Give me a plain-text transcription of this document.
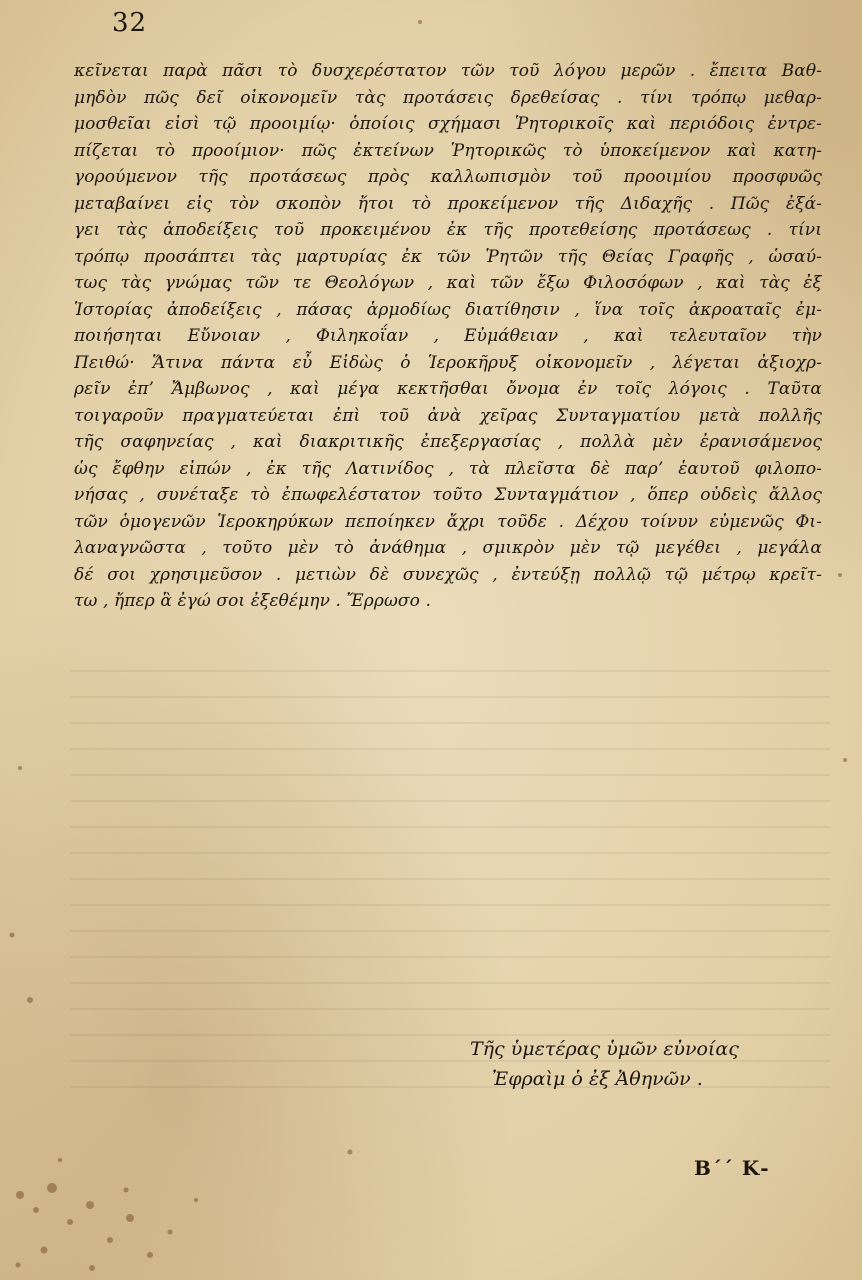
32
κεῖνεται παρὰ πᾶσι τὸ δυσχερέστατον τῶν τοῦ λόγου μερῶν . ἔπειτα Βαθ-
μηδὸν πῶς δεῖ οἰκονομεῖν τὰς προτάσεις δρεθείσας . τίνι τρόπῳ μεθαρ-
μοσθεῖαι εἰσὶ τῷ προοιμίῳ· ὁποίοις σχήμασι Ῥητορικοῖς καὶ περιόδοις ἐντρε-
πίζεται τὸ προοίμιον· πῶς ἐκτείνων Ῥητορικῶς τὸ ὑποκείμενον καὶ κατη-
γορούμενον τῆς προτάσεως πρὸς καλλωπισμὸν τοῦ προοιμίου προσφυῶς
μεταβαίνει εἰς τὸν σκοπὸν ἤτοι τὸ προκείμενον τῆς Διδαχῆς . Πῶς ἐξά-
γει τὰς ἀποδείξεις τοῦ προκειμένου ἐκ τῆς προτεθείσης προτάσεως . τίνι
τρόπῳ προσάπτει τὰς μαρτυρίας ἐκ τῶν Ῥητῶν τῆς Θείας Γραφῆς , ὡσαύ-
τως τὰς γνώμας τῶν τε Θεολόγων , καὶ τῶν ἔξω Φιλοσόφων , καὶ τὰς ἐξ
Ἱστορίας ἀποδείξεις , πάσας ἁρμοδίως διατίθησιν , ἵνα τοῖς ἀκροαταῖς ἐμ-
ποιήσηται Εὔνοιαν , Φιληκοΐαν , Εὐμάθειαν , καὶ τελευταῖον τὴν
Πειθώ· Ἅτινα πάντα εὖ Εἰδὼς ὁ Ἱεροκῆρυξ οἰκονομεῖν , λέγεται ἀξιοχρ-
ρεῖν ἐπ’ Ἄμβωνος , καὶ μέγα κεκτῆσθαι ὄνομα ἐν τοῖς λόγοις . Ταῦτα
τοιγαροῦν πραγματεύεται ἐπὶ τοῦ ἀνὰ χεῖρας Συνταγματίου μετὰ πολλῆς
τῆς σαφηνείας , καὶ διακριτικῆς ἐπεξεργασίας , πολλὰ μὲν ἐρανισάμενος
ὡς ἔφθην εἰπών , ἐκ τῆς Λατινίδος , τὰ πλεῖστα δὲ παρ’ ἑαυτοῦ φιλοπο-
νήσας , συνέταξε τὸ ἐπωφελέστατον τοῦτο Συνταγμάτιον , ὅπερ οὐδεὶς ἄλλος
τῶν ὁμογενῶν Ἱεροκηρύκων πεποίηκεν ἄχρι τοῦδε . Δέχου τοίνυν εὐμενῶς Φι-
λαναγνῶστα , τοῦτο μὲν τὸ ἀνάθημα , σμικρὸν μὲν τῷ μεγέθει , μεγάλα
δέ σοι χρησιμεῦσον . μετιὼν δὲ συνεχῶς , ἐντεύξῃ πολλῷ τῷ μέτρῳ κρεῖτ-
τω , ἤπερ ἃ ἐγώ σοι ἐξεθέμην . Ἔρρωσο .
Τῆς ὑμετέρας ὑμῶν εὐνοίας
Ἐφραὶμ ὁ ἐξ Ἀθηνῶν .
Β΄΄ Κ-
